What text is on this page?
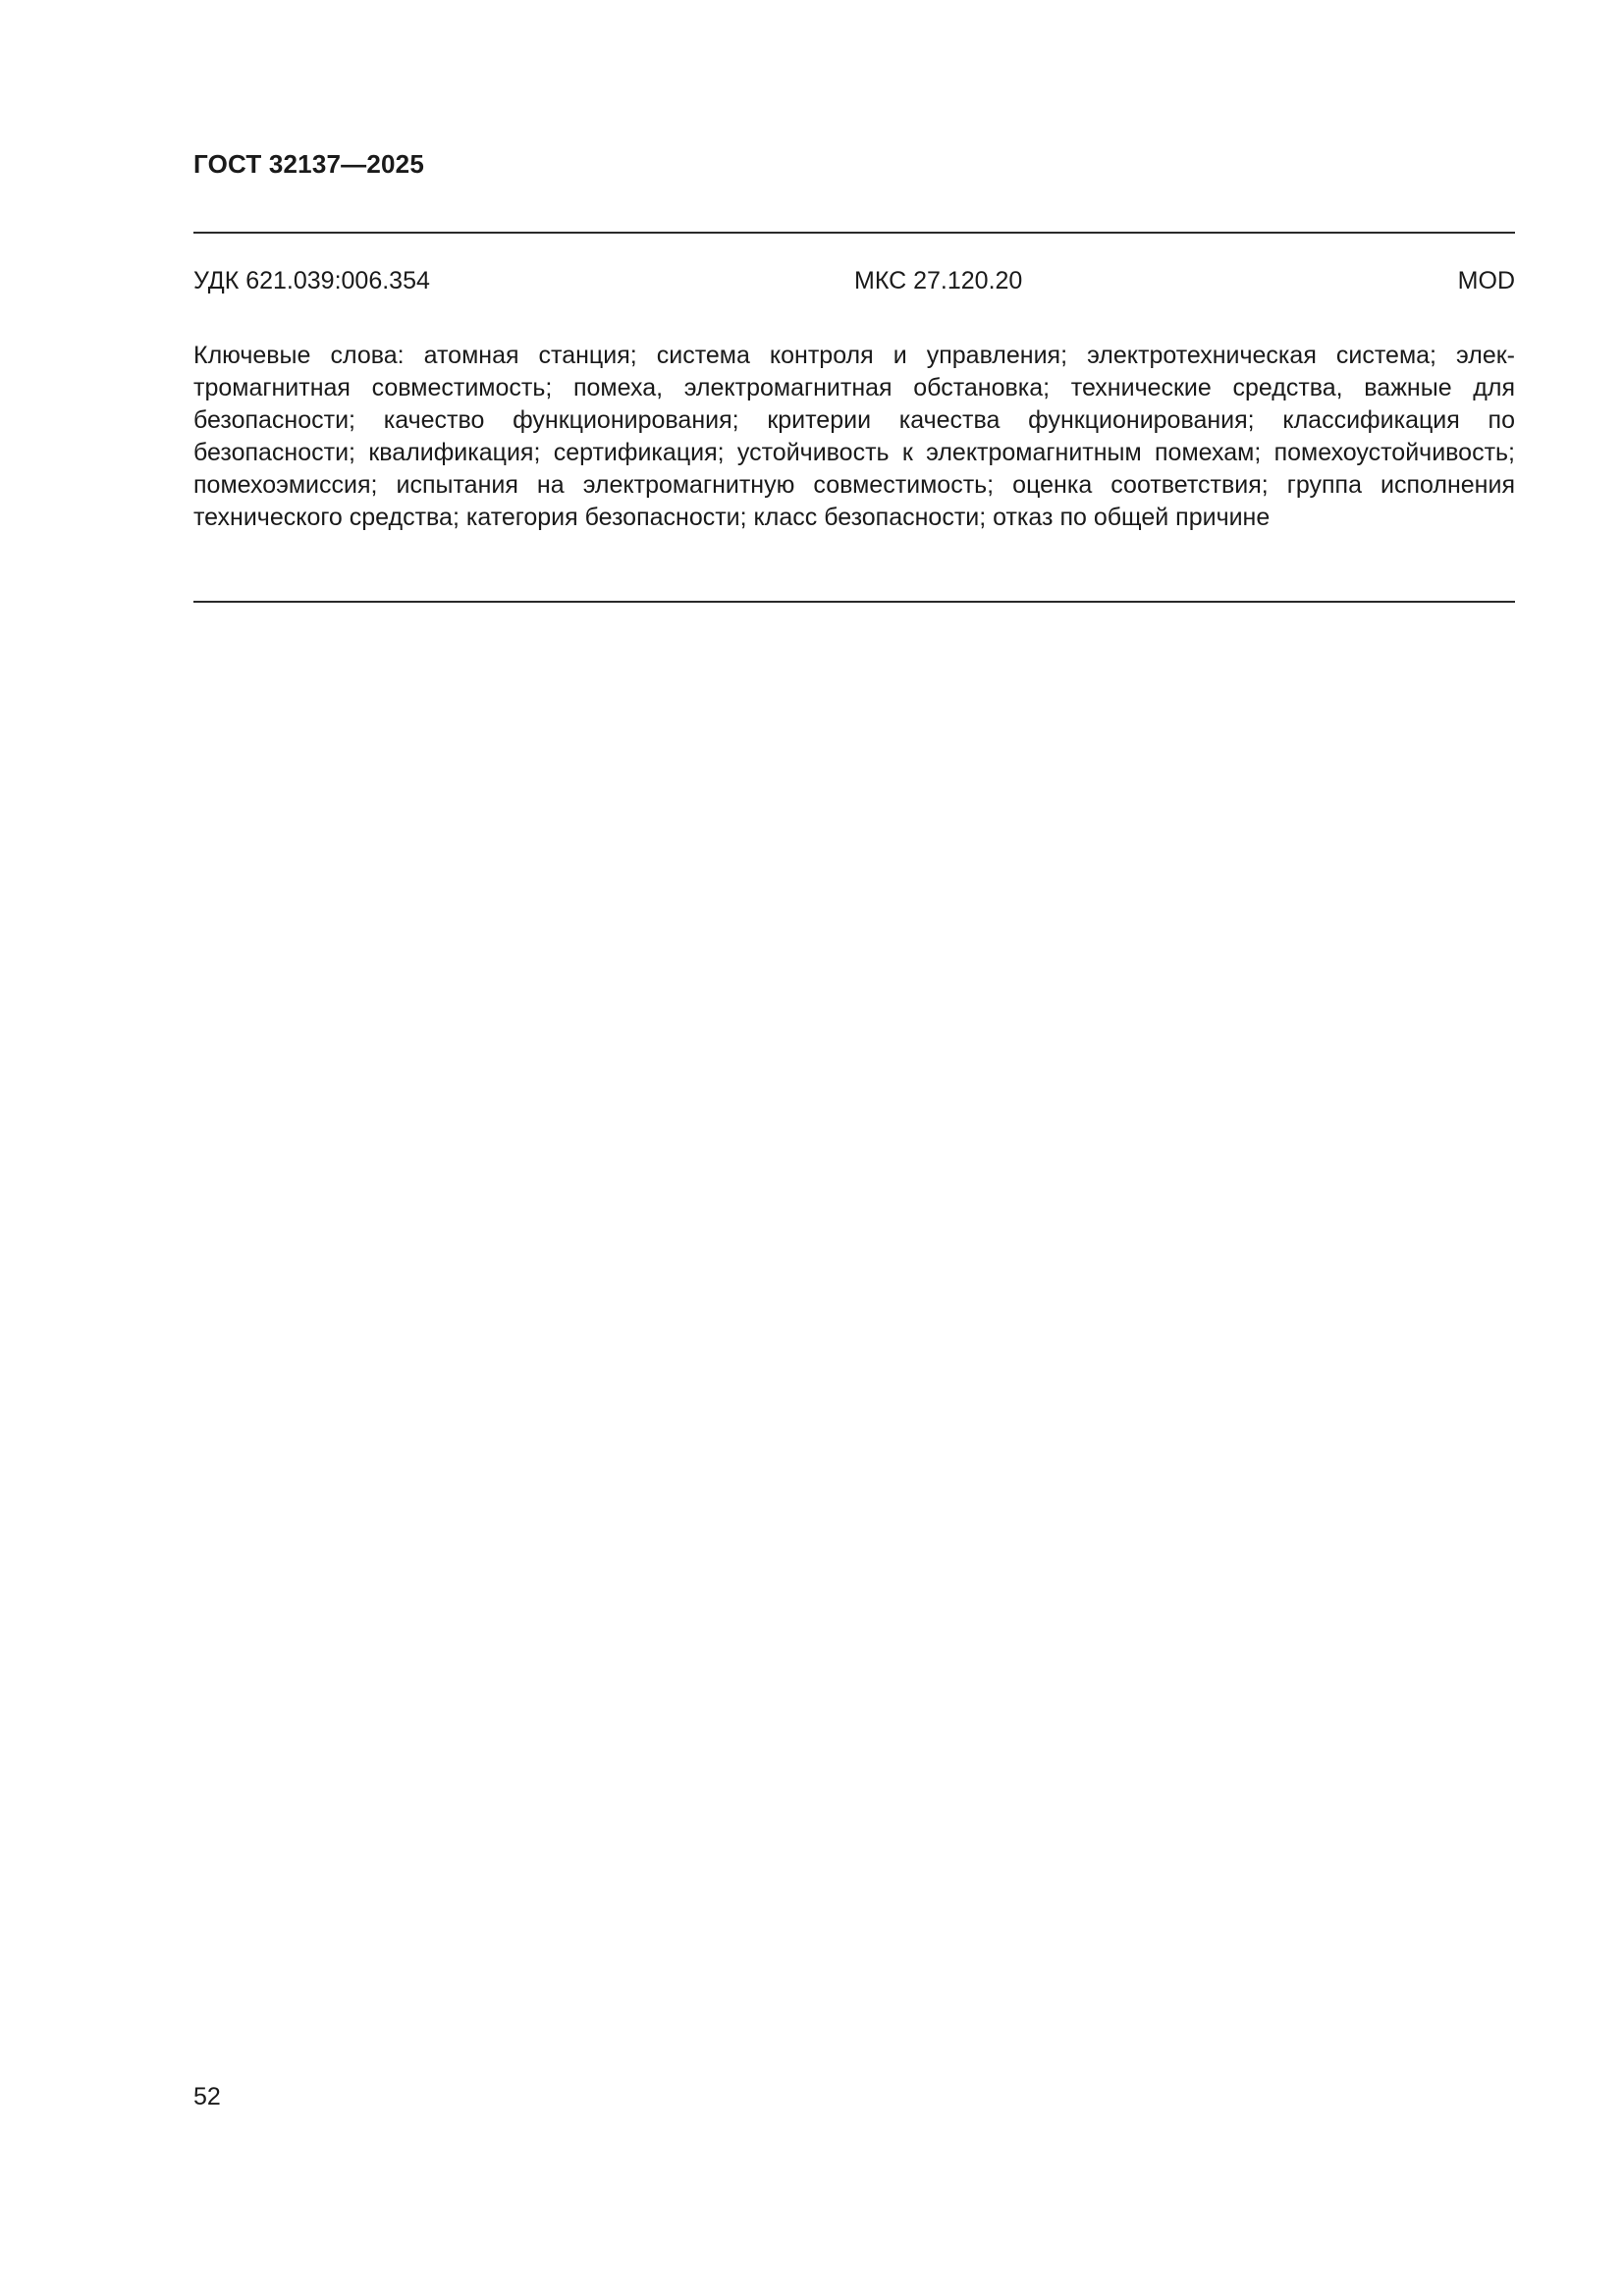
ГОСТ 32137—2025
УДК 621.039:006.354	МКС 27.120.20	MOD
Ключевые слова: атомная станция; система контроля и управления; электротехническая система; электромагнитная совместимость; помеха, электромагнитная обстановка; технические средства, важные для безопасности; качество функционирования; критерии качества функционирования; классификация по безопасности; квалификация; сертификация; устойчивость к электромагнитным помехам; помехоустойчивость; помехоэмиссия; испытания на электромагнитную совместимость; оценка соответствия; группа исполнения технического средства; категория безопасности; класс безопасности; отказ по общей причине
52
